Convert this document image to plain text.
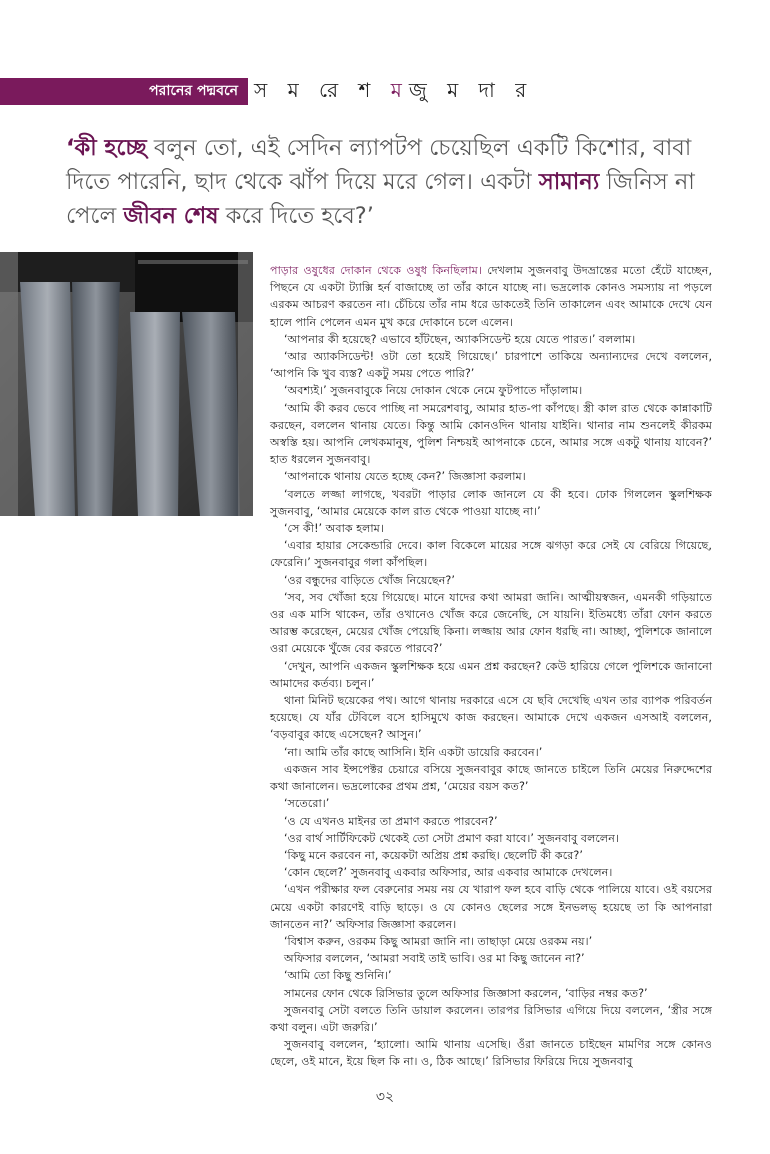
পরানের পদ্মবনে স ম রে শ মজু ম দা র

‘কী হচ্ছে বলুন তো, এই সেদিন ল্যাপটপ চেয়েছিল একটি কিশোর, বাবা দিতে পারেনি, ছাদ থেকে ঝাঁপ দিয়ে মরে গেল। একটা সামান্য জিনিস না পেলে জীবন শেষ করে দিতে হবে?’

পাড়ার ওষুধের দোকান থেকে ওষুধ কিনছিলাম। দেখলাম সুজনবাবু উদভ্রান্তের মতো হেঁটে যাচ্ছেন, পিছনে যে একটা ট্যাক্সি হর্ন বাজাচ্ছে তা তাঁর কানে যাচ্ছে না। ভদ্রলোক কোনও সমস্যায় না পড়লে এরকম আচরণ করতেন না। চেঁচিয়ে তাঁর নাম ধরে ডাকতেই তিনি তাকালেন এবং আমাকে দেখে যেন হালে পানি পেলেন এমন মুখ করে দোকানে চলে এলেন।

‘আপনার কী হয়েছে? এভাবে হাঁটছেন, অ্যাকসিডেন্ট হয়ে যেতে পারত।’ বললাম।

‘আর অ্যাকসিডেন্ট! ওটা তো হয়েই গিয়েছে।’ চারপাশে তাকিয়ে অন্যান্যদের দেখে বললেন, ‘আপনি কি খুব ব্যস্ত? একটু সময় পেতে পারি?’

‘অবশ্যই।’ সুজনবাবুকে নিয়ে দোকান থেকে নেমে ফুটপাতে দাঁড়ালাম।

‘আমি কী করব ভেবে পাচ্ছি না সমরেশবাবু, আমার হাত-পা কাঁপছে। স্ত্রী কাল রাত থেকে কান্নাকাটি করছেন, বললেন থানায় যেতে। কিন্তু আমি কোনওদিন থানায় যাইনি। থানার নাম শুনলেই কীরকম অস্বস্তি হয়। আপনি লেখকমানুষ, পুলিশ নিশ্চয়ই আপনাকে চেনে, আমার সঙ্গে একটু থানায় যাবেন?’ হাত ধরলেন সুজনবাবু।

‘আপনাকে থানায় যেতে হচ্ছে কেন?’ জিজ্ঞাসা করলাম।

‘বলতে লজ্জা লাগছে, খবরটা পাড়ার লোক জানলে যে কী হবে। ঢোক গিললেন স্কুলশিক্ষক সুজনবাবু, ‘আমার মেয়েকে কাল রাত থেকে পাওয়া যাচ্ছে না।’

‘সে কী!’ অবাক হলাম।

‘এবার হায়ার সেকেন্ডারি দেবে। কাল বিকেলে মায়ের সঙ্গে ঝগড়া করে সেই যে বেরিয়ে গিয়েছে, ফেরেনি।’ সুজনবাবুর গলা কাঁপছিল।

‘ওর বন্ধুদের বাড়িতে খোঁজ নিয়েছেন?’

‘সব, সব খোঁজা হয়ে গিয়েছে। মানে যাদের কথা আমরা জানি। আত্মীয়স্বজন, এমনকী গড়িয়াতে ওর এক মাসি থাকেন, তাঁর ওখানেও খোঁজ করে জেনেছি, সে যায়নি। ইতিমধ্যে তাঁরা ফোন করতে আরম্ভ করেছেন, মেয়ের খোঁজ পেয়েছি কিনা। লজ্জায় আর ফোন ধরছি না। আচ্ছা, পুলিশকে জানালে ওরা মেয়েকে খুঁজে বের করতে পারবে?’

‘দেখুন, আপনি একজন স্কুলশিক্ষক হয়ে এমন প্রশ্ন করছেন? কেউ হারিয়ে গেলে পুলিশকে জানানো আমাদের কর্তব্য। চলুন।’

থানা মিনিট ছয়েকের পথ। আগে থানায় দরকারে এসে যে ছবি দেখেছি এখন তার ব্যাপক পরিবর্তন হয়েছে। যে যাঁর টেবিলে বসে হাসিমুখে কাজ করছেন। আমাকে দেখে একজন এসআই বললেন, ‘বড়বাবুর কাছে এসেছেন? আসুন।’

‘না। আমি তাঁর কাছে আসিনি। ইনি একটা ডায়েরি করবেন।’

একজন সাব ইন্সপেক্টর চেয়ারে বসিয়ে সুজনবাবুর কাছে জানতে চাইলে তিনি মেয়ের নিরুদ্দেশের কথা জানালেন। ভদ্রলোকের প্রথম প্রশ্ন, ‘মেয়ের বয়স কত?’

‘সতেরো।’

‘ও যে এখনও মাইনর তা প্রমাণ করতে পারবেন?’

‘ওর বার্থ সার্টিফিকেট থেকেই তো সেটা প্রমাণ করা যাবে।’ সুজনবাবু বললেন।

‘কিছু মনে করবেন না, কয়েকটা অপ্রিয় প্রশ্ন করছি। ছেলেটি কী করে?’

‘কোন ছেলে?’ সুজনবাবু একবার অফিসার, আর একবার আমাকে দেখলেন।

‘এখন পরীক্ষার ফল বেরুনোর সময় নয় যে খারাপ ফল হবে বাড়ি থেকে পালিয়ে যাবে। ওই বয়সের মেয়ে একটা কারণেই বাড়ি ছাড়ে। ও যে কোনও ছেলের সঙ্গে ইনভলভ্ হয়েছে তা কি আপনারা জানতেন না?’ অফিসার জিজ্ঞাসা করলেন।

‘বিশ্বাস করুন, ওরকম কিছু আমরা জানি না। তাছাড়া মেয়ে ওরকম নয়।’

অফিসার বললেন, ‘আমরা সবাই তাই ভাবি। ওর মা কিছু জানেন না?’

‘আমি তো কিছু শুনিনি।’

সামনের ফোন থেকে রিসিভার তুলে অফিসার জিজ্ঞাসা করলেন, ‘বাড়ির নম্বর কত?’

সুজনবাবু সেটা বলতে তিনি ডায়াল করলেন। তারপর রিসিভার এগিয়ে দিয়ে বললেন, ‘স্ত্রীর সঙ্গে কথা বলুন। এটা জরুরি।’

সুজনবাবু বললেন, ‘হ্যালো। আমি থানায় এসেছি। ওঁরা জানতে চাইছেন মামণির সঙ্গে কোনও ছেলে, ওই মানে, ইয়ে ছিল কি না। ও, ঠিক আছে।’ রিসিভার ফিরিয়ে দিয়ে সুজনবাবু

৩২
